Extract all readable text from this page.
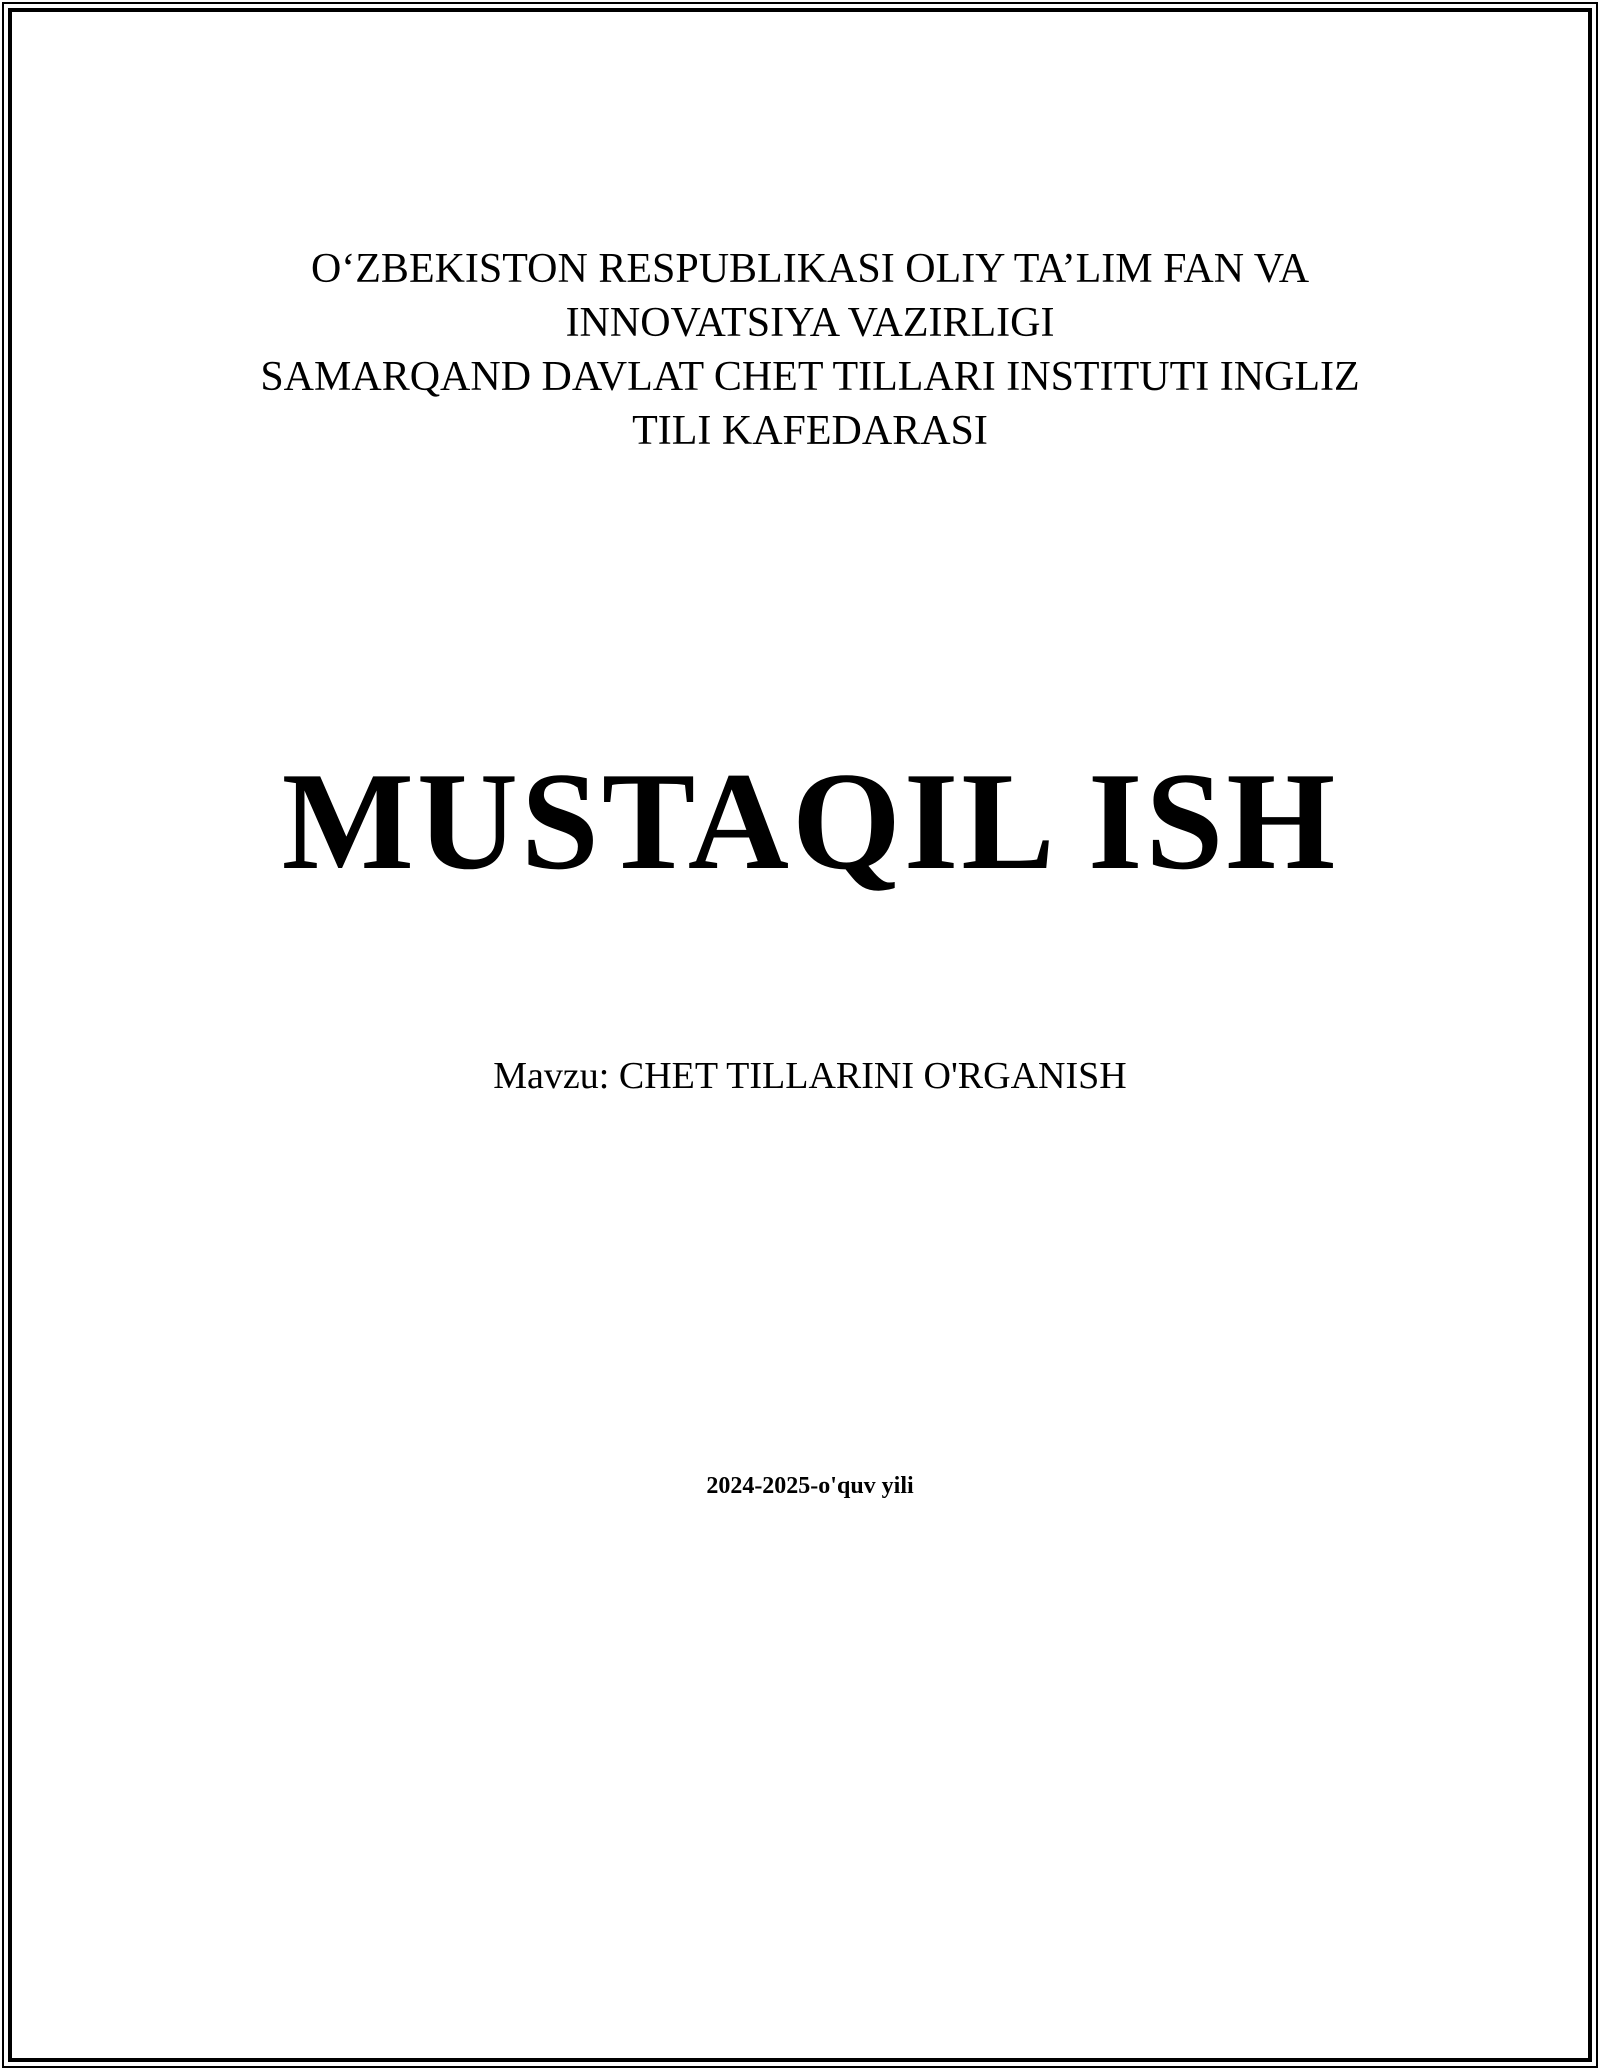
O‘ZBEKISTON RESPUBLIKASI OLIY TA’LIM FAN VA
INNOVATSIYA VAZIRLIGI
SAMARQAND DAVLAT CHET TILLARI INSTITUTI INGLIZ
TILI KAFEDARASI
MUSTAQIL ISH
Mavzu: CHET TILLARINI O'RGANISH
2024-2025-o'quv yili
